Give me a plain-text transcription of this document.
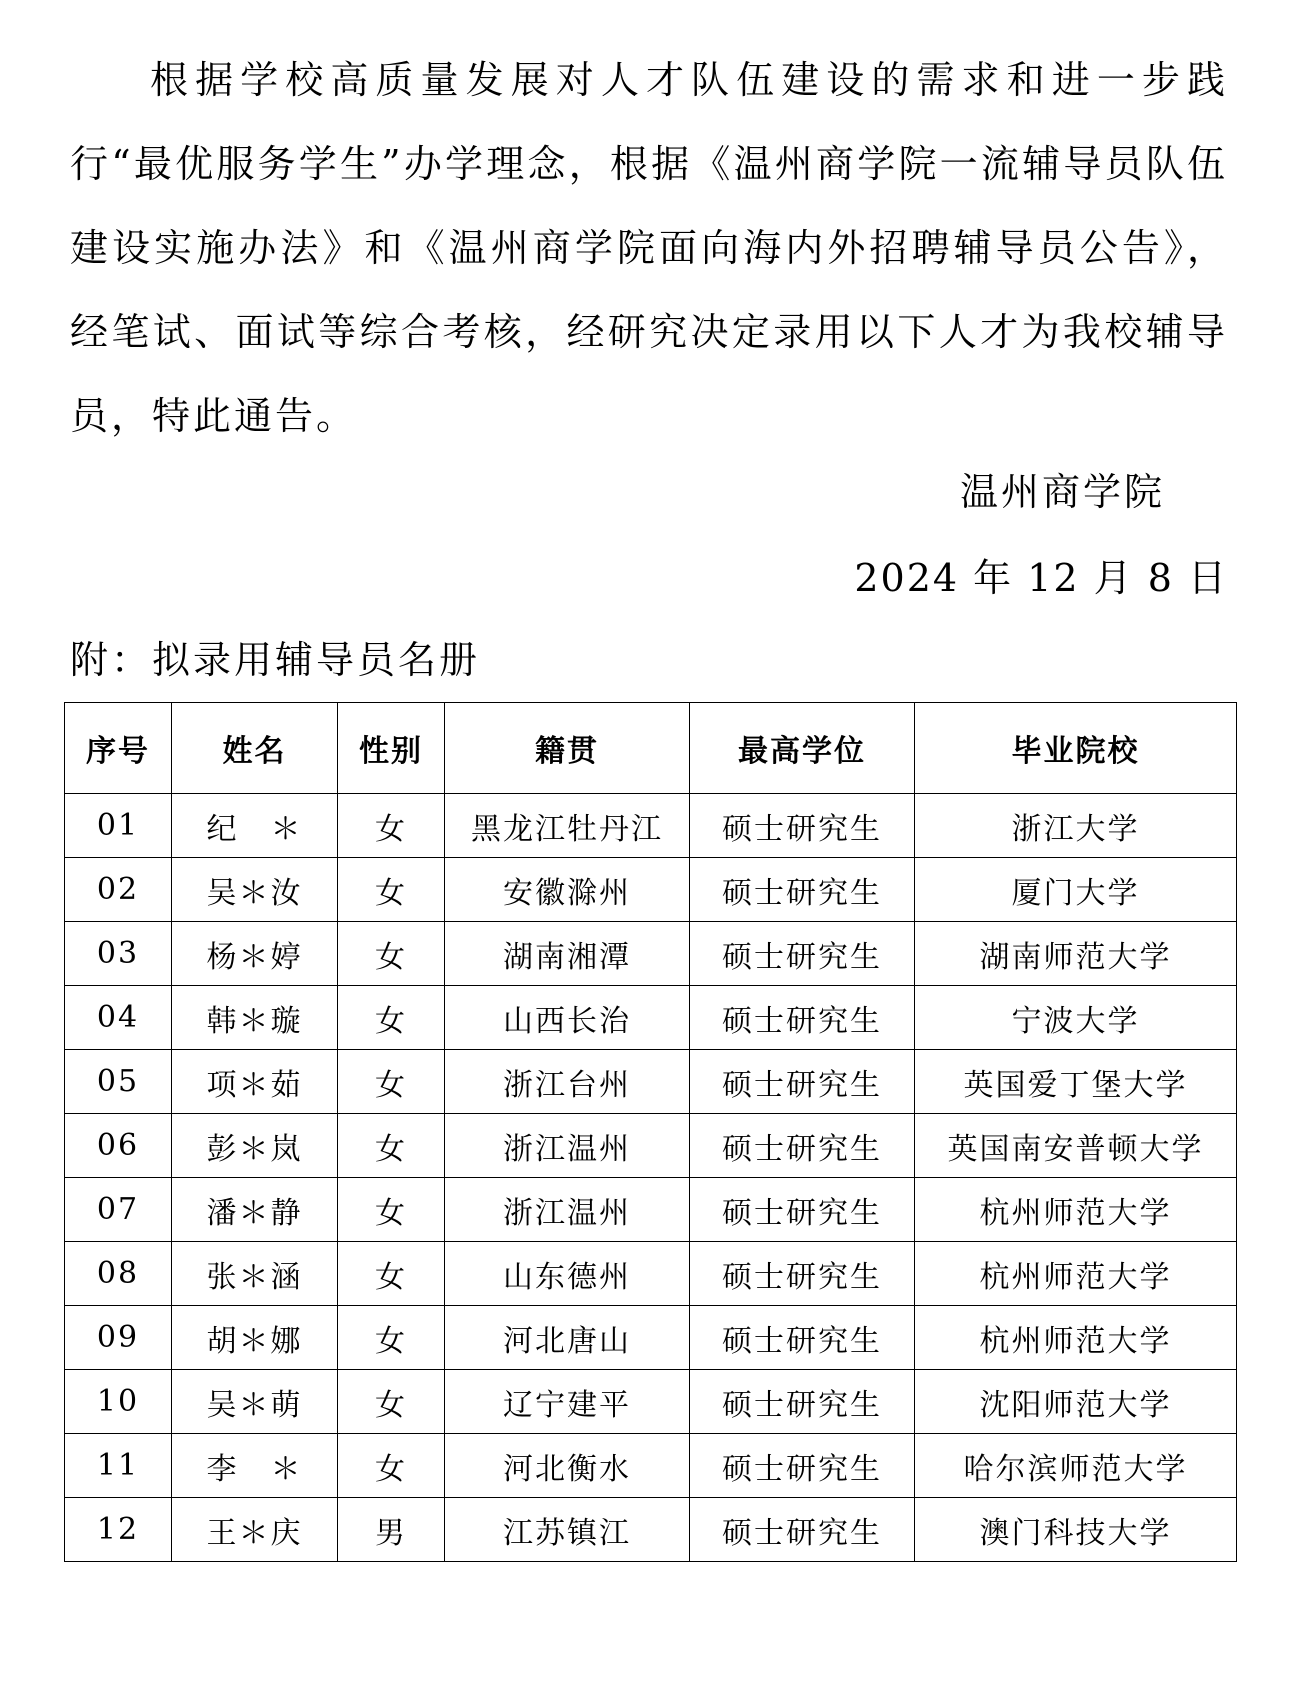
根据学校高质量发展对人才队伍建设的需求和进一步践行“最优服务学生”办学理念，根据《温州商学院一流辅导员队伍建设实施办法》和《温州商学院面向海内外招聘辅导员公告》，经笔试、面试等综合考核，经研究决定录用以下人才为我校辅导员，特此通告。

温州商学院
2024 年 12 月 8 日
附：拟录用辅导员名册
序号	姓名	性别	籍贯	最高学位	毕业院校
01	纪　＊	女	黑龙江牡丹江	硕士研究生	浙江大学
02	吴＊汝	女	安徽滁州	硕士研究生	厦门大学
03	杨＊婷	女	湖南湘潭	硕士研究生	湖南师范大学
04	韩＊璇	女	山西长治	硕士研究生	宁波大学
05	项＊茹	女	浙江台州	硕士研究生	英国爱丁堡大学
06	彭＊岚	女	浙江温州	硕士研究生	英国南安普顿大学
07	潘＊静	女	浙江温州	硕士研究生	杭州师范大学
08	张＊涵	女	山东德州	硕士研究生	杭州师范大学
09	胡＊娜	女	河北唐山	硕士研究生	杭州师范大学
10	吴＊萌	女	辽宁建平	硕士研究生	沈阳师范大学
11	李　＊	女	河北衡水	硕士研究生	哈尔滨师范大学
12	王＊庆	男	江苏镇江	硕士研究生	澳门科技大学
